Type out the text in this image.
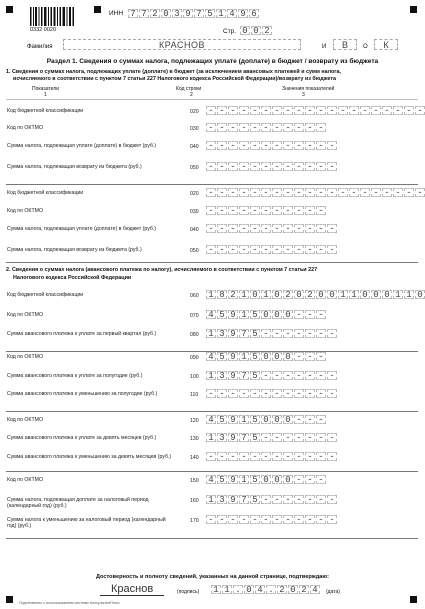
0332 0020
ИНН 7 7 2 0 3 9 7 5 1 4 9 6
Стр. 0 0 2
Фамилия	КРАСНОВ	И	В	О	К
Раздел 1. Сведения о суммах налога, подлежащих уплате (доплате) в бюджет / возврату из бюджета
1. Сведения о суммах налога, подлежащих уплате (доплате) в бюджет (за исключением авансовых платежей и сумм налога,
исчисляемого в соответствии с пунктом 7 статьи 227 Налогового кодекса Российской Федерации)/возврату из бюджета
Показатели	Код строки	Значения показателей
1	2	3
Код бюджетной классификации	020 - - - - - - - - - - - - - - - - - - - -
Код по ОКТМО	030 - - - - - - - - - - -
Сумма налога, подлежащая уплате (доплате) в бюджет (руб.)	040 - - - - - - - - - - - -
Сумма налога, подлежащая возврату из бюджета (руб.)	050 - - - - - - - - - - - -
Код бюджетной классификации	020 - - - - - - - - - - - - - - - - - - - -
Код по ОКТМО	030 - - - - - - - - - - -
Сумма налога, подлежащая уплате (доплате) в бюджет (руб.)	040 - - - - - - - - - - - -
Сумма налога, подлежащая возврату из бюджета (руб.)	050 - - - - - - - - - - - -
2. Сведения о суммах налога (авансового платежа по налогу), исчисляемого в соответствии с пунктом 7 статьи 227
Налогового кодекса Российской Федерации
Код бюджетной классификации	060 1 8 2 1 0 1 0 2 0 2 0 0 1 1 0 0 0 1 1 0
Код по ОКТМО	070 4 5 9 1 5 0 0 0 - - -
Сумма авансового платежа к уплате за первый квартал (руб.)	080 1 3 9 7 5 - - - - - - -
Код по ОКТМО	090 4 5 9 1 5 0 0 0 - - -
Сумма авансового платежа к уплате за полугодие (руб.)	100 1 3 9 7 5 - - - - - - -
Сумма авансового платежа к уменьшению за полугодие (руб.)	110 - - - - - - - - - - - -
Код по ОКТМО	120 4 5 9 1 5 0 0 0 - - -
Сумма авансового платежа к уплате за девять месяцев (руб.)	130 1 3 9 7 5 - - - - - - -
Сумма авансового платежа к уменьшению за девять месяцев (руб.)	140 - - - - - - - - - - - -
Код по ОКТМО	150 4 5 9 1 5 0 0 0 - - -
Сумма налога, подлежащая доплате за налоговый период (календарный год) (руб.)
160 1 3 9 7 5 - - - - - - -
Сумма налога к уменьшению за налоговый период (календарный год) (руб.)
170 - - - - - - - - - - - -
Достоверность и полноту сведений, указанных на данной странице, подтверждаю:
Краснов	(подпись) 1 1 . 0 4 . 2 0 2 4	(дата)
Подготовлено с использованием системы КонсультантПлюс
